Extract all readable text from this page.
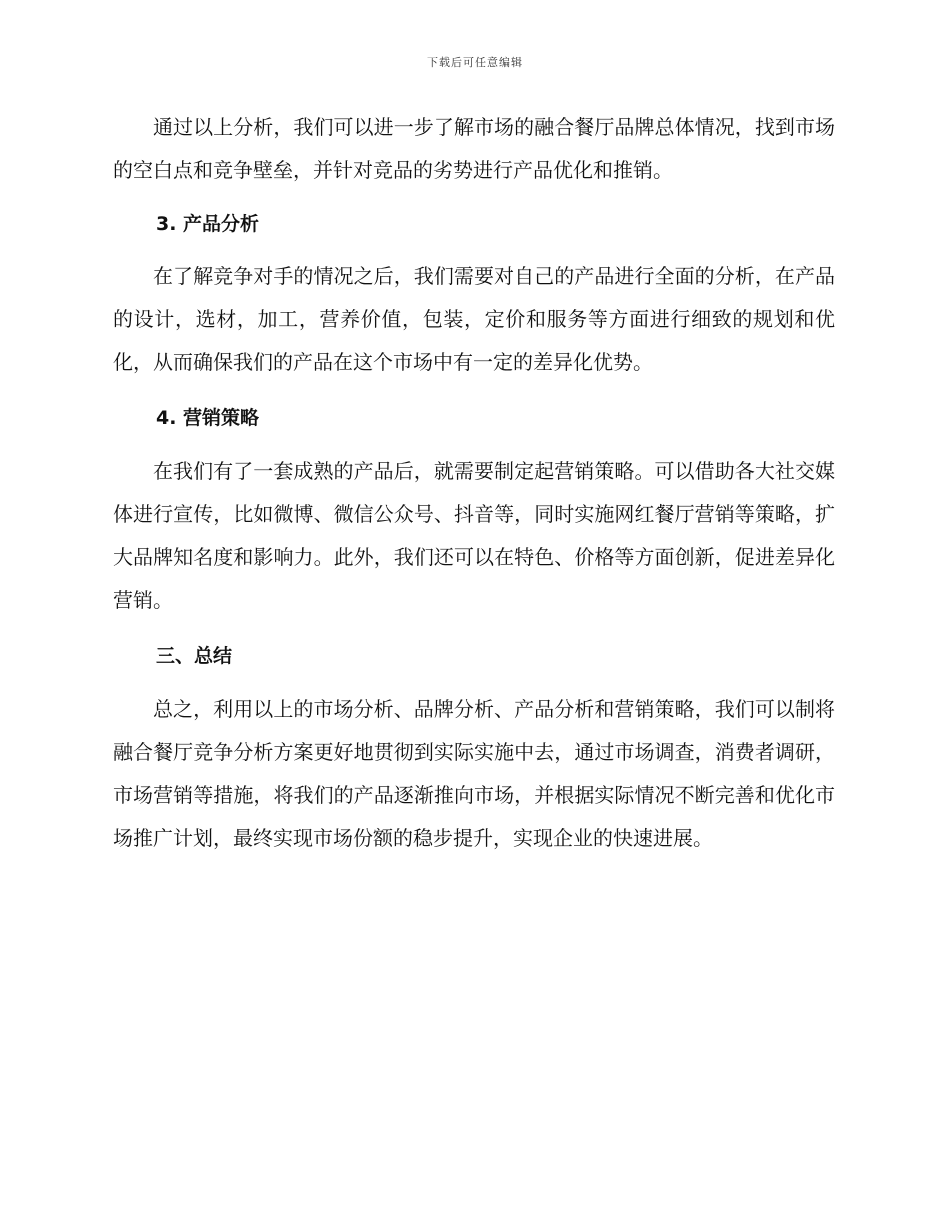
下载后可任意编辑

通过以上分析，我们可以进一步了解市场的融合餐厅品牌总体情况，找到市场的空白点和竞争壁垒，并针对竞品的劣势进行产品优化和推销。

3. 产品分析

在了解竞争对手的情况之后，我们需要对自己的产品进行全面的分析，在产品的设计，选材，加工，营养价值，包装，定价和服务等方面进行细致的规划和优化，从而确保我们的产品在这个市场中有一定的差异化优势。

4. 营销策略

在我们有了一套成熟的产品后，就需要制定起营销策略。可以借助各大社交媒体进行宣传，比如微博、微信公众号、抖音等，同时实施网红餐厅营销等策略，扩大品牌知名度和影响力。此外，我们还可以在特色、价格等方面创新，促进差异化营销。

三、总结

总之，利用以上的市场分析、品牌分析、产品分析和营销策略，我们可以制将融合餐厅竞争分析方案更好地贯彻到实际实施中去，通过市场调查，消费者调研，市场营销等措施，将我们的产品逐渐推向市场，并根据实际情况不断完善和优化市场推广计划，最终实现市场份额的稳步提升，实现企业的快速进展。
